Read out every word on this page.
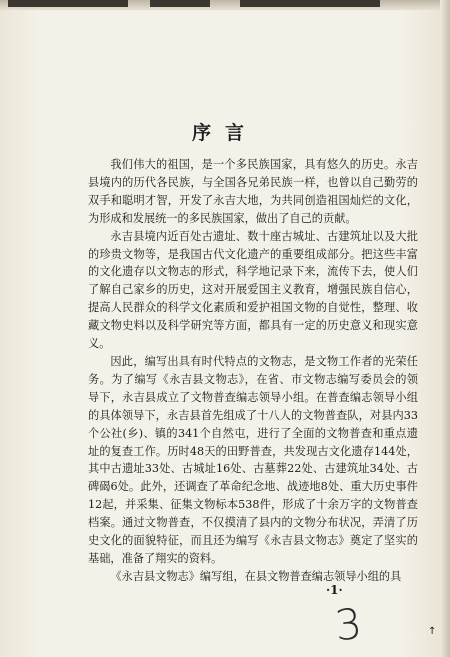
序言

我们伟大的祖国，是一个多民族国家，具有悠久的历史。永吉县境内的历代各民族，与全国各兄弟民族一样，也曾以自己勤劳的双手和聪明才智，开发了永吉大地，为共同创造祖国灿烂的文化，为形成和发展统一的多民族国家，做出了自己的贡献。

永吉县境内近百处古遗址、数十座古城址、古建筑址以及大批的珍贵文物等，是我国古代文化遗产的重要组成部分。把这些丰富的文化遗存以文物志的形式，科学地记录下来，流传下去，使人们了解自己家乡的历史，这对开展爱国主义教育，增强民族自信心，提高人民群众的科学文化素质和爱护祖国文物的自觉性，整理、收藏文物史料以及科学研究等方面，都具有一定的历史意义和现实意义。

因此，编写出具有时代特点的文物志，是文物工作者的光荣任务。为了编写《永吉县文物志》，在省、市文物志编写委员会的领导下，永吉县成立了文物普查编志领导小组。在普查编志领导小组的具体领导下，永吉县首先组成了十八人的文物普查队，对县内33个公社(乡)、镇的341个自然屯，进行了全面的文物普查和重点遗址的复查工作。历时48天的田野普查，共发现古文化遗存144处，其中古遗址33处、古城址16处、古墓葬22处、古建筑址34处、古碑碣6处。此外，还调查了革命纪念地、战迹地8处、重大历史事件12起，并采集、征集文物标本538件，形成了十余万字的文物普查档案。通过文物普查，不仅摸清了县内的文物分布状况，弄清了历史文化的面貌特征，而且还为编写《永吉县文物志》奠定了坚实的基础，准备了翔实的资料。

《永吉县文物志》编写组，在县文物普查编志领导小组的具

·1·
3	↑
